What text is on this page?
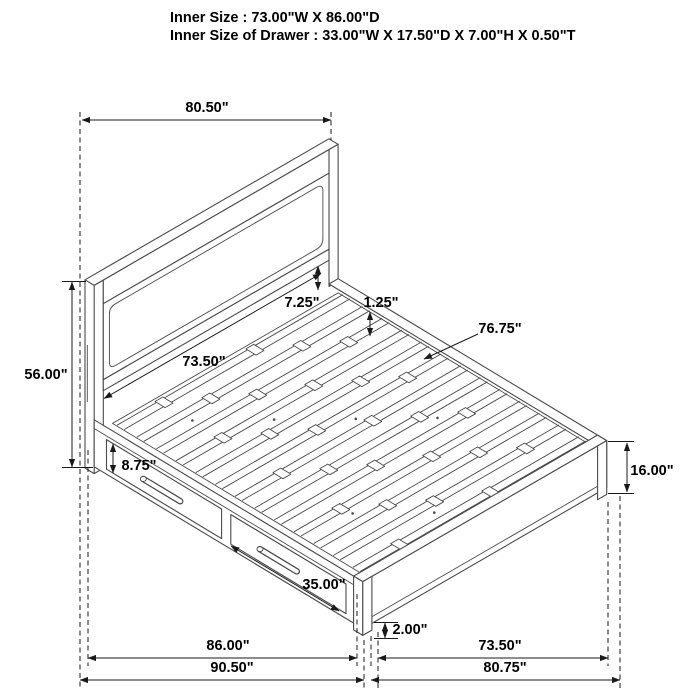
Inner Size : 73.00"W X 86.00"D
Inner Size of Drawer : 33.00"W X 17.50"D X 7.00"H X 0.50"T
80.50"
56.00"
73.50"
7.25"	1.25"
76.75"
8.75"
35.00"
16.00"
2.00"
86.00"
90.50"
73.50"
80.75"
